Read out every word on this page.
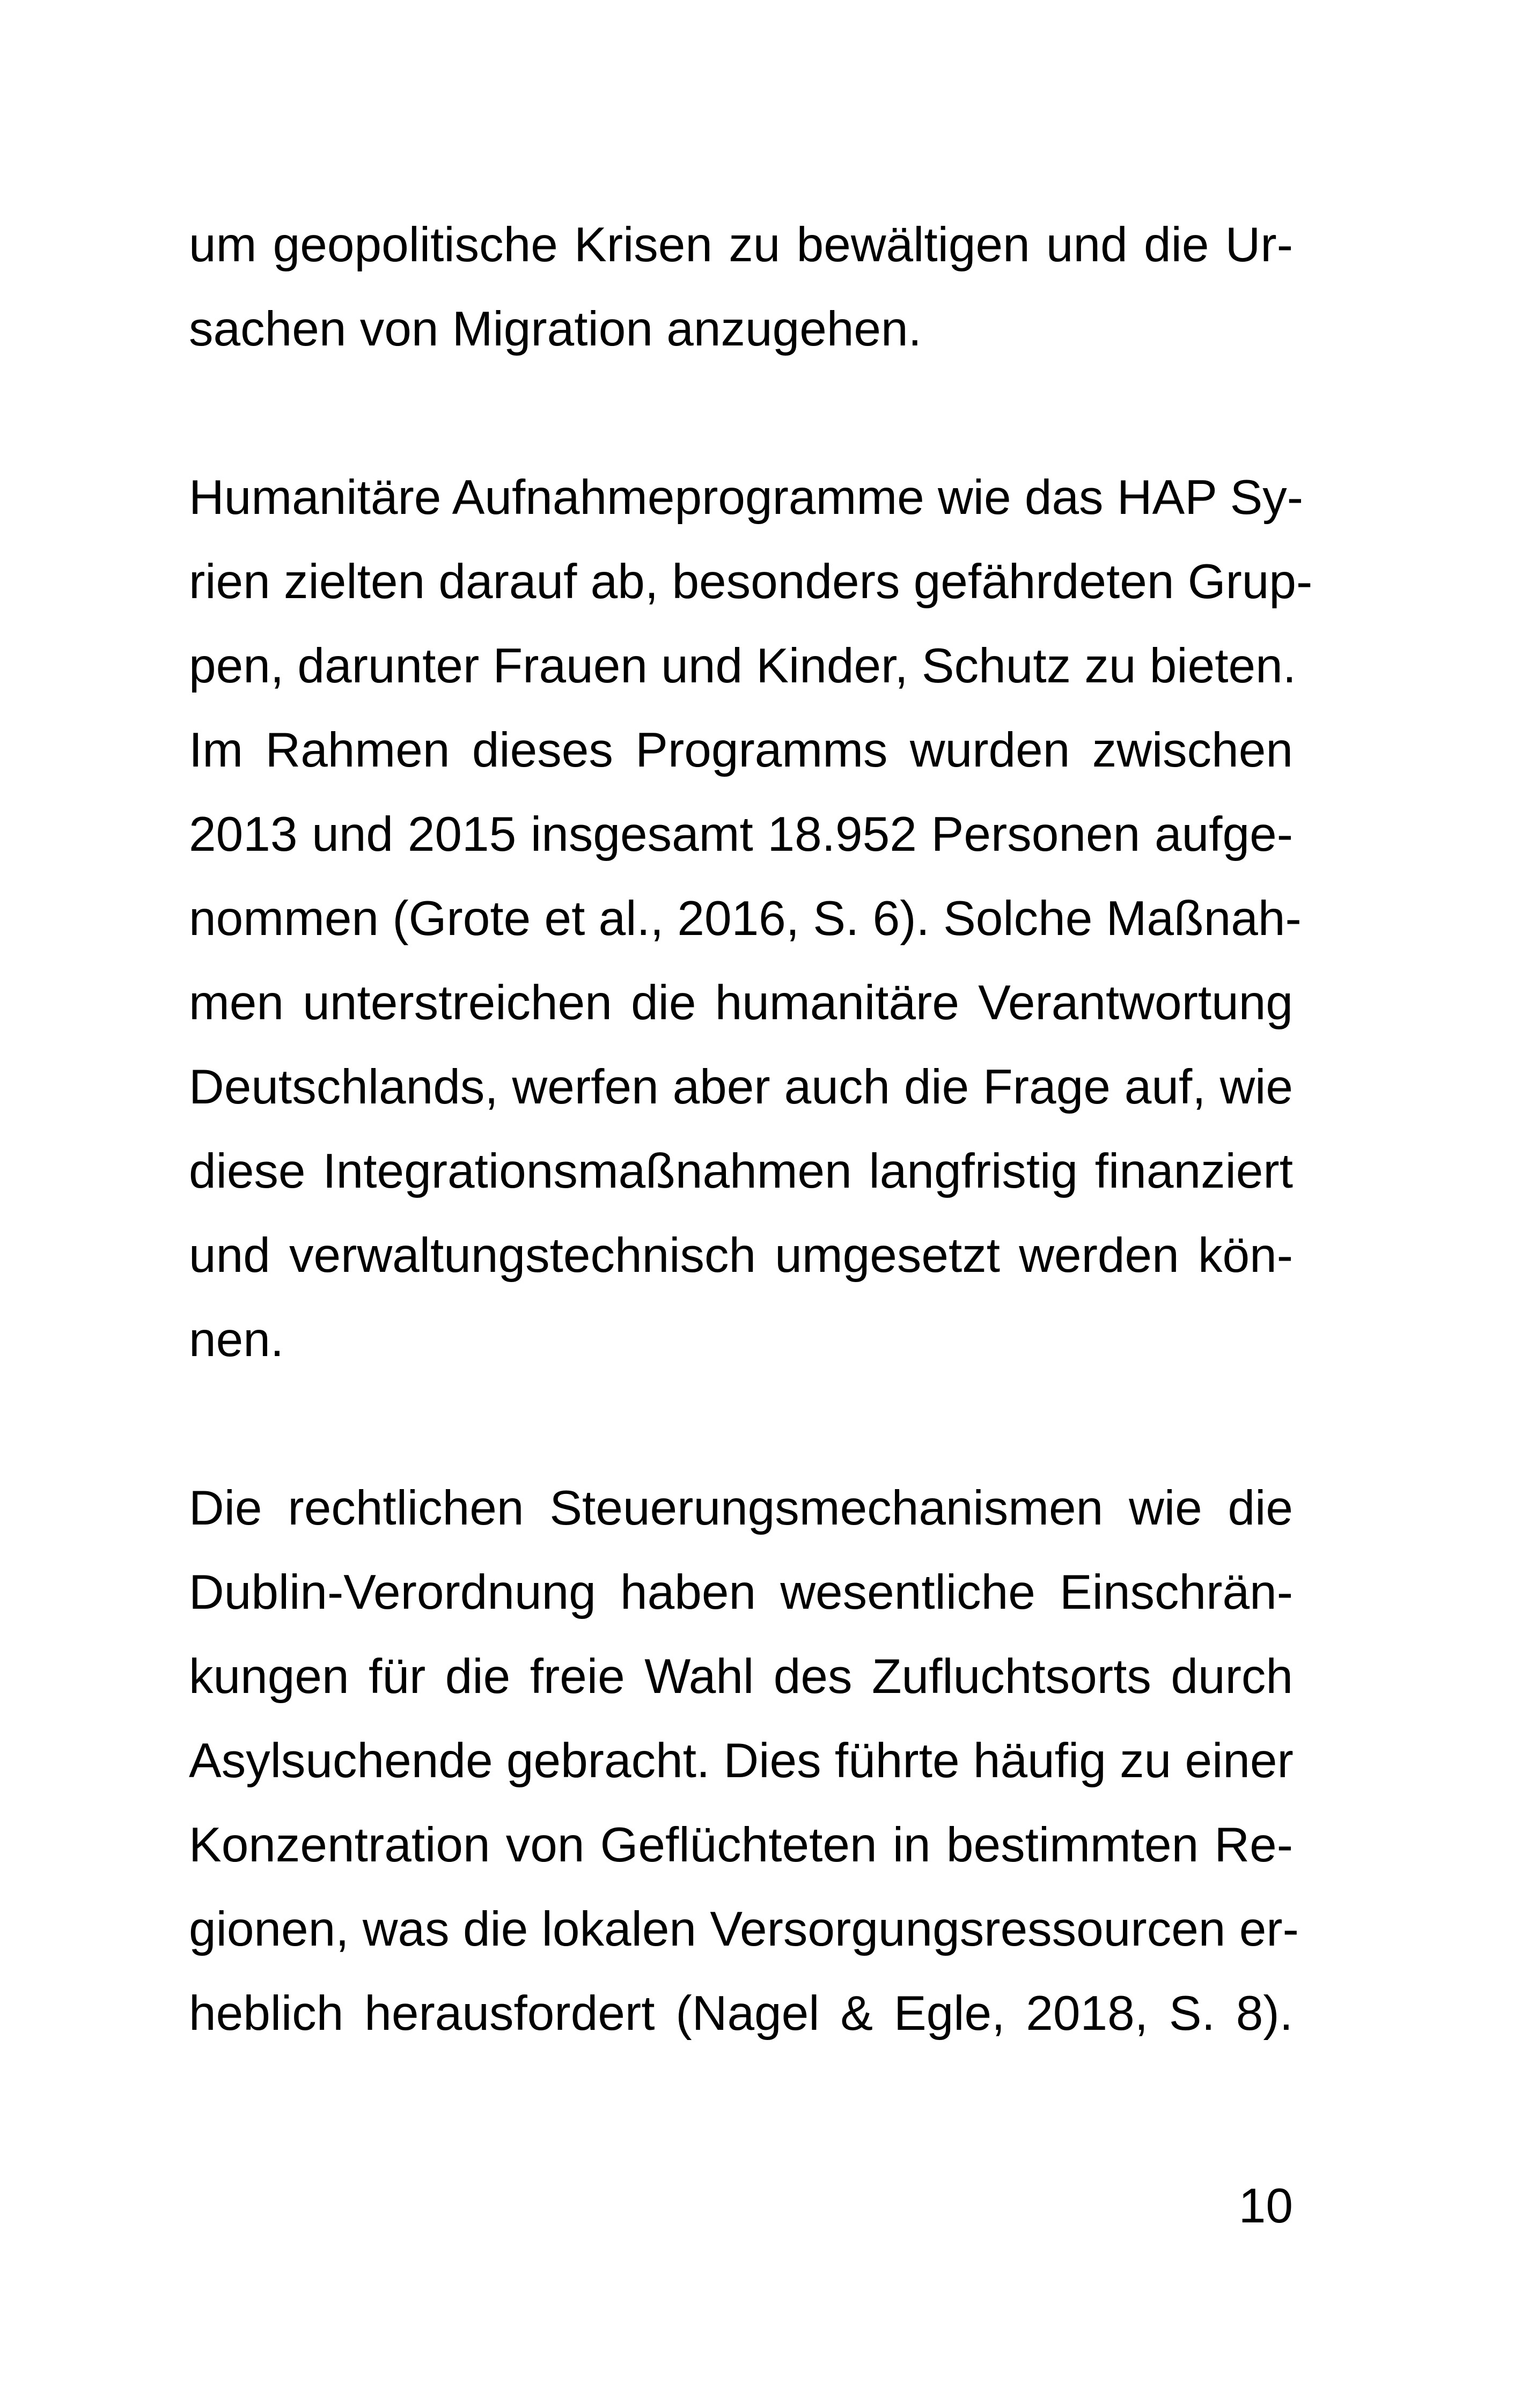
um geopolitische Krisen zu bewältigen und die Ur-
sachen von Migration anzugehen.
Humanitäre Aufnahmeprogramme wie das HAP Sy-
rien zielten darauf ab, besonders gefährdeten Grup-
pen, darunter Frauen und Kinder, Schutz zu bieten.
Im Rahmen dieses Programms wurden zwischen
2013 und 2015 insgesamt 18.952 Personen aufge-
nommen (Grote et al., 2016, S. 6). Solche Maßnah-
men unterstreichen die humanitäre Verantwortung
Deutschlands, werfen aber auch die Frage auf, wie
diese Integrationsmaßnahmen langfristig finanziert
und verwaltungstechnisch umgesetzt werden kön-
nen.
Die rechtlichen Steuerungsmechanismen wie die
Dublin-Verordnung haben wesentliche Einschrän-
kungen für die freie Wahl des Zufluchtsorts durch
Asylsuchende gebracht. Dies führte häufig zu einer
Konzentration von Geflüchteten in bestimmten Re-
gionen, was die lokalen Versorgungsressourcen er-
heblich herausfordert (Nagel & Egle, 2018, S. 8).
10
